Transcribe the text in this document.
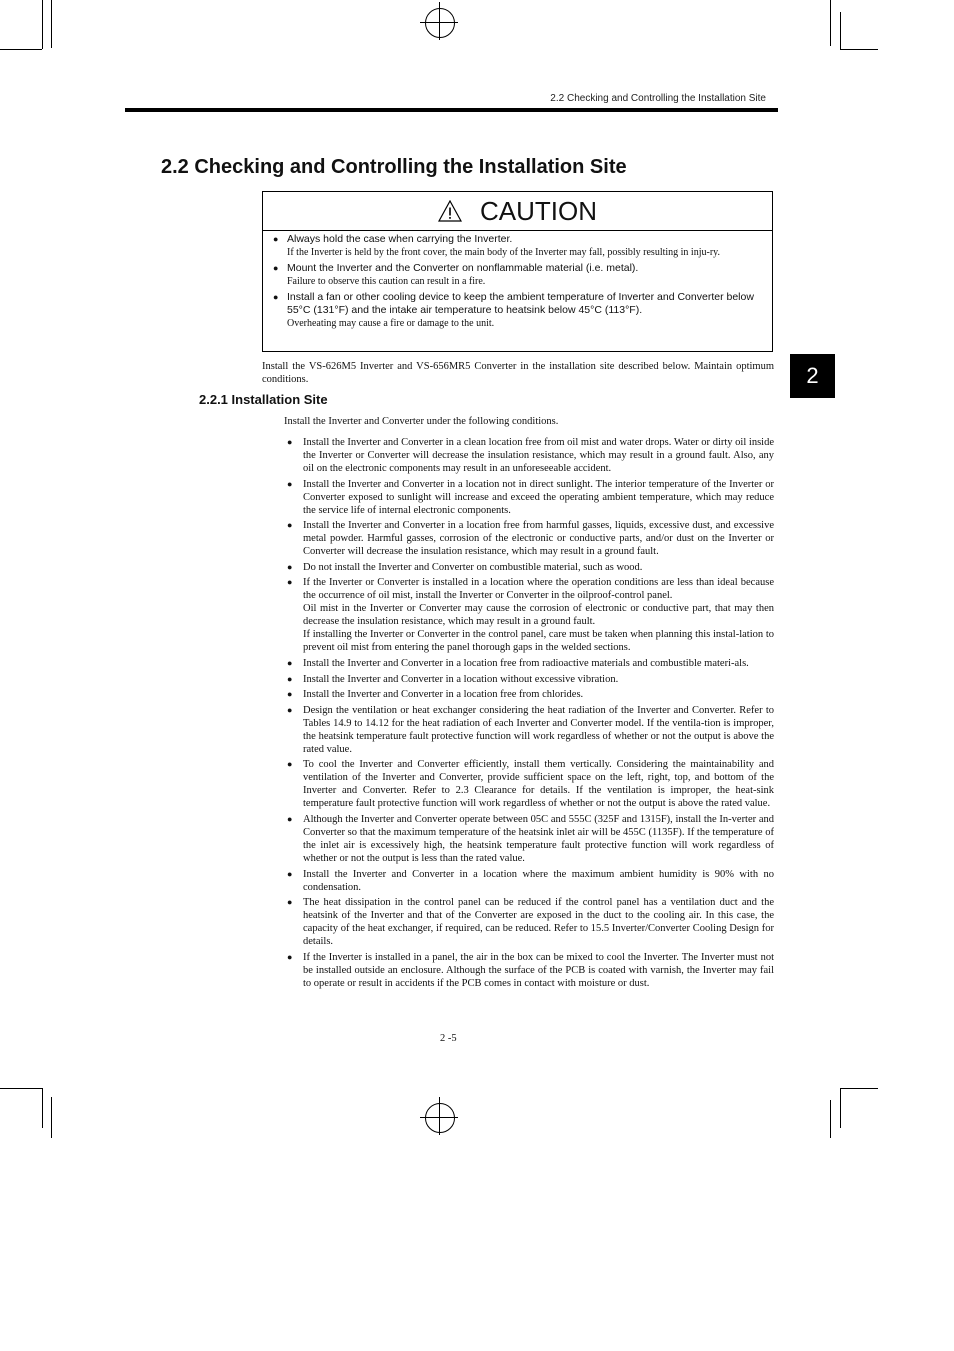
2.2 Checking and Controlling the Installation Site
2.2 Checking and Controlling the Installation Site
CAUTION
● Always hold the case when carrying the Inverter.
If the Inverter is held by the front cover, the main body of the Inverter may fall, possibly resulting in inju-ry.
● Mount the Inverter and the Converter on nonflammable material (i.e. metal).
Failure to observe this caution can result in a fire.
● Install a fan or other cooling device to keep the ambient temperature of Inverter and Converter below 55°C (131°F) and the intake air temperature to heatsink below 45°C (113°F).
Overheating may cause a fire or damage to the unit.

Install the VS-626M5 Inverter and VS-656MR5 Converter in the installation site described below. Maintain optimum conditions.	2
2.2.1 Installation Site

Install the Inverter and Converter under the following conditions.

● Install the Inverter and Converter in a clean location free from oil mist and water drops. Water or dirty oil inside the Inverter or Converter will decrease the insulation resistance, which may result in a ground fault. Also, any oil on the electronic components may result in an unforeseeable accident.

● Install the Inverter and Converter in a location not in direct sunlight. The interior temperature of the Inverter or Converter exposed to sunlight will increase and exceed the operating ambient temperature, which may reduce the service life of internal electronic components.

● Install the Inverter and Converter in a location free from harmful gasses, liquids, excessive dust, and excessive metal powder. Harmful gasses, corrosion of the electronic or conductive parts, and/or dust on the Inverter or Converter will decrease the insulation resistance, which may result in a ground fault.

● Do not install the Inverter and Converter on combustible material, such as wood.

● If the Inverter or Converter is installed in a location where the operation conditions are less than ideal because the occurrence of oil mist, install the Inverter or Converter in the oilproof-control panel.

Oil mist in the Inverter or Converter may cause the corrosion of electronic or conductive part, that may then decrease the insulation resistance, which may result in a ground fault.

If installing the Inverter or Converter in the control panel, care must be taken when planning this instal-lation to prevent oil mist from entering the panel thorough gaps in the welded sections.

● Install the Inverter and Converter in a location free from radioactive materials and combustible materi-als.

● Install the Inverter and Converter in a location without excessive vibration.

● Install the Inverter and Converter in a location free from chlorides.

● Design the ventilation or heat exchanger considering the heat radiation of the Inverter and Converter. Refer to Tables 14.9 to 14.12 for the heat radiation of each Inverter and Converter model. If the ventila-tion is improper, the heatsink temperature fault protective function will work regardless of whether or not the output is above the rated value.

● To cool the Inverter and Converter efficiently, install them vertically. Considering the maintainability and ventilation of the Inverter and Converter, provide sufficient space on the left, right, top, and bottom of the Inverter and Converter. Refer to 2.3 Clearance for details. If the ventilation is improper, the heat-sink temperature fault protective function will work regardless of whether or not the output is above the rated value.

● Although the Inverter and Converter operate between 05C and 555C (325F and 1315F), install the In-verter and Converter so that the maximum temperature of the heatsink inlet air will be 455C (1135F). If the temperature of the inlet air is excessively high, the heatsink temperature fault protective function will work regardless of whether or not the output is less than the rated value.

● Install the Inverter and Converter in a location where the maximum ambient humidity is 90% with no condensation.

● The heat dissipation in the control panel can be reduced if the control panel has a ventilation duct and the heatsink of the Inverter and that of the Converter are exposed in the duct to the cooling air. In this case, the capacity of the heat exchanger, if required, can be reduced. Refer to 15.5 Inverter/Converter Cooling Design for details.

● If the Inverter is installed in a panel, the air in the box can be mixed to cool the Inverter. The Inverter must not be installed outside an enclosure. Although the surface of the PCB is coated with varnish, the Inverter may fail to operate or result in accidents if the PCB comes in contact with moisture or dust.

2 -5
